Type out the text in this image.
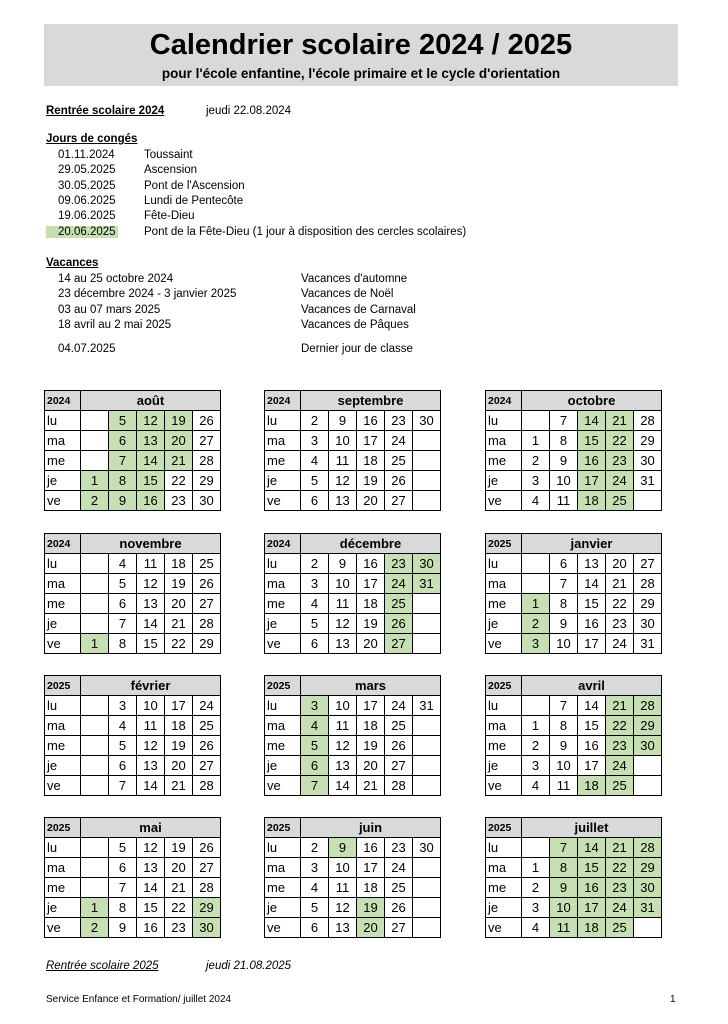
Calendrier scolaire 2024 / 2025
pour l'école enfantine, l'école primaire et le cycle d'orientation
Rentrée scolaire 2024	jeudi 22.08.2024
Jours de congés
01.11.2024	Toussaint
29.05.2025 Ascension
30.05.2025 Pont de l'Ascension
09.06.2025 Lundi de Pentecôte
19.06.2025 Fête-Dieu
20.06.2025 Pont de la Fête-Dieu (1 jour à disposition des cercles scolaires)
Vacances
14 au 25 octobre 2024	Vacances d'automne
23 décembre 2024 - 3 janvier 2025	Vacances de Noël
03 au 07 mars 2025	Vacances de Carnaval
18 avril au 2 mai 2025	Vacances de Pâques
04.07.2025	Dernier jour de classe
2024	août				
lu		5	12	19	26
ma		6	13	20	27
me		7	14	21	28
je	1	8	15	22	29
ve	2	9	16	23	30
2024	septembre				
lu	2	9	16	23	30
ma	3	10	17	24	
me	4	11	18	25	
je	5	12	19	26	
ve	6	13	20	27	
2024	octobre				
lu		7	14	21	28
ma	1	8	15	22	29
me	2	9	16	23	30
je	3	10	17	24	31
ve	4	11	18	25	
2024	novembre				
lu		4	11	18	25
ma		5	12	19	26
me		6	13	20	27
je		7	14	21	28
ve	1	8	15	22	29
2024	décembre				
lu	2	9	16	23	30
ma	3	10	17	24	31
me	4	11	18	25	
je	5	12	19	26	
ve	6	13	20	27	
2025	janvier				
lu		6	13	20	27
ma		7	14	21	28
me	1	8	15	22	29
je	2	9	16	23	30
ve	3	10	17	24	31
2025	février				
lu		3	10	17	24
ma		4	11	18	25
me		5	12	19	26
je		6	13	20	27
ve		7	14	21	28
2025	mars				
lu	3	10	17	24	31
ma	4	11	18	25	
me	5	12	19	26	
je	6	13	20	27	
ve	7	14	21	28	
2025	avril				
lu		7	14	21	28
ma	1	8	15	22	29
me	2	9	16	23	30
je	3	10	17	24	
ve	4	11	18	25	
2025	mai				
lu		5	12	19	26
ma		6	13	20	27
me		7	14	21	28
je	1	8	15	22	29
ve	2	9	16	23	30
2025	juin				
lu	2	9	16	23	30
ma	3	10	17	24	
me	4	11	18	25	
je	5	12	19	26	
ve	6	13	20	27	
2025	juillet				
lu		7	14	21	28
ma	1	8	15	22	29
me	2	9	16	23	30
je	3	10	17	24	31
ve	4	11	18	25	
Rentrée scolaire 2025	jeudi 21.08.2025
Service Enfance et Formation/ juillet 2024	1
